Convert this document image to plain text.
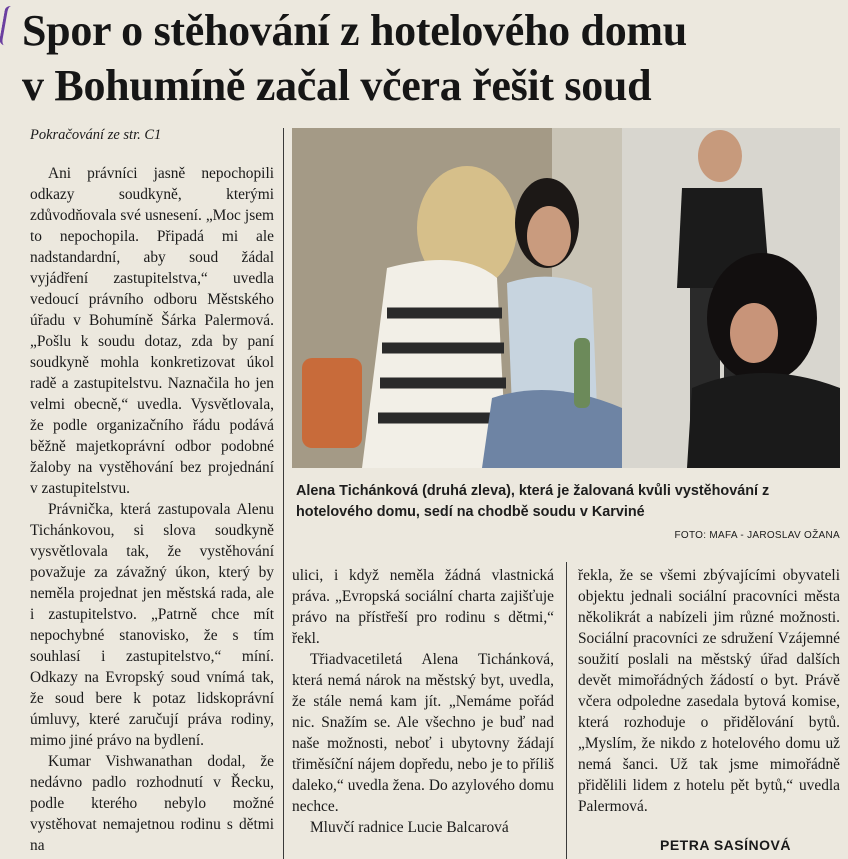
Spor o stěhování z hotelového domu
v Bohumíně začal včera řešit soud
Pokračování ze str. C1

Ani právníci jasně nepochopili odkazy soudkyně, kterými zdůvodňovala své usnesení. „Moc jsem to nepochopila. Připadá mi ale nadstandardní, aby soud žádal vyjádření zastupitelstva,“ uvedla vedoucí právního odboru Městského úřadu v Bohumíně Šárka Palermová. „Pošlu k soudu dotaz, zda by paní soudkyně mohla konkretizovat úkol radě a zastupitelstvu. Naznačila ho jen velmi obecně,“ uvedla. Vysvětlovala, že podle organizačního řádu podává běžně majetkoprávní odbor podobné žaloby na vystěhování bez projednání v zastupitelstvu.

Právnička, která zastupovala Alenu Tichánkovou, si slova soudkyně vysvětlovala tak, že vystěhování považuje za závažný úkon, který by neměla projednat jen městská rada, ale i zastupitelstvo. „Patrně chce mít nepochybné stanovisko, že s tím souhlasí i zastupitelstvo,“ míní. Odkazy na Evropský soud vnímá tak, že soud bere k potaz lidskoprávní úmluvy, které zaručují práva rodiny, mimo jiné právo na bydlení.

Kumar Vishwanathan dodal, že nedávno padlo rozhodnutí v Řecku, podle kterého nebylo možné vystěhovat nemajetnou rodinu s dětmi na

Alena Tichánková (druhá zleva), která je žalovaná kvůli vystěhování z hotelového domu, sedí na chodbě soudu v Karviné
FOTO: MAFA - JAROSLAV OŽANA

ulici, i když neměla žádná vlastnická práva. „Evropská sociální charta zajišťuje právo na přístřeší pro rodinu s dětmi,“ řekl.

Třiadvacetiletá Alena Tichánková, která nemá nárok na městský byt, uvedla, že stále nemá kam jít. „Nemáme pořád nic. Snažím se. Ale všechno je buď nad naše možnosti, neboť i ubytovny žádají třiměsíční nájem dopředu, nebo je to příliš daleko,“ uvedla žena. Do azylového domu nechce.

Mluvčí radnice Lucie Balcarová

řekla, že se všemi zbývajícími obyvateli objektu jednali sociální pracovníci města několikrát a nabízeli jim různé možnosti. Sociální pracovníci ze sdružení Vzájemné soužití poslali na městský úřad dalších devět mimořádných žádostí o byt. Právě včera odpoledne zasedala bytová komise, která rozhoduje o přidělování bytů. „Myslím, že nikdo z hotelového domu už nemá šanci. Už tak jsme mimořádně přidělili lidem z hotelu pět bytů,“ uvedla Palermová.

PETRA SASÍNOVÁ
